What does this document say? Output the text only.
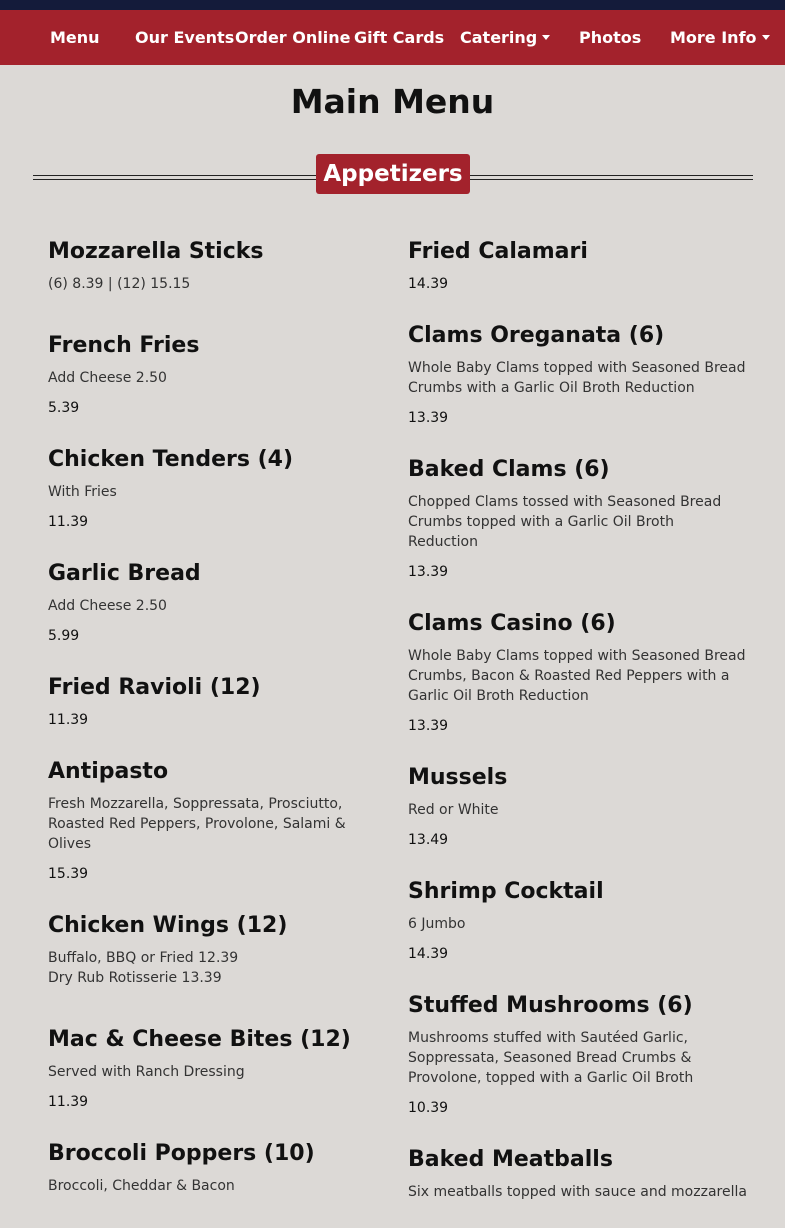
Menu Our Events Order Online Gift Cards Catering	Photos More Info
Main Menu
Appetizers
Mozzarella Sticks
(6) 8.39 | (12) 15.15
French Fries
Add Cheese 2.50
5.39
Chicken Tenders (4)
With Fries
11.39
Garlic Bread
Add Cheese 2.50
5.99
Fried Ravioli (12)
11.39
Antipasto
Fresh Mozzarella, Soppressata, Prosciutto, Roasted Red Peppers, Provolone, Salami & Olives
15.39
Chicken Wings (12)
Buffalo, BBQ or Fried 12.39
Dry Rub Rotisserie 13.39
Mac & Cheese Bites (12)
Served with Ranch Dressing
11.39
Broccoli Poppers (10)
Broccoli, Cheddar & Bacon
Fried Calamari
14.39
Clams Oreganata (6)
Whole Baby Clams topped with Seasoned Bread Crumbs with a Garlic Oil Broth Reduction
13.39
Baked Clams (6)
Chopped Clams tossed with Seasoned Bread Crumbs topped with a Garlic Oil Broth Reduction
13.39
Clams Casino (6)
Whole Baby Clams topped with Seasoned Bread Crumbs, Bacon & Roasted Red Peppers with a Garlic Oil Broth Reduction
13.39
Mussels
Red or White
13.49
Shrimp Cocktail
6 Jumbo
14.39
Stuffed Mushrooms (6)
Mushrooms stuffed with Sautéed Garlic, Soppressata, Seasoned Bread Crumbs & Provolone, topped with a Garlic Oil Broth
10.39
Baked Meatballs
Six meatballs topped with sauce and mozzarella
